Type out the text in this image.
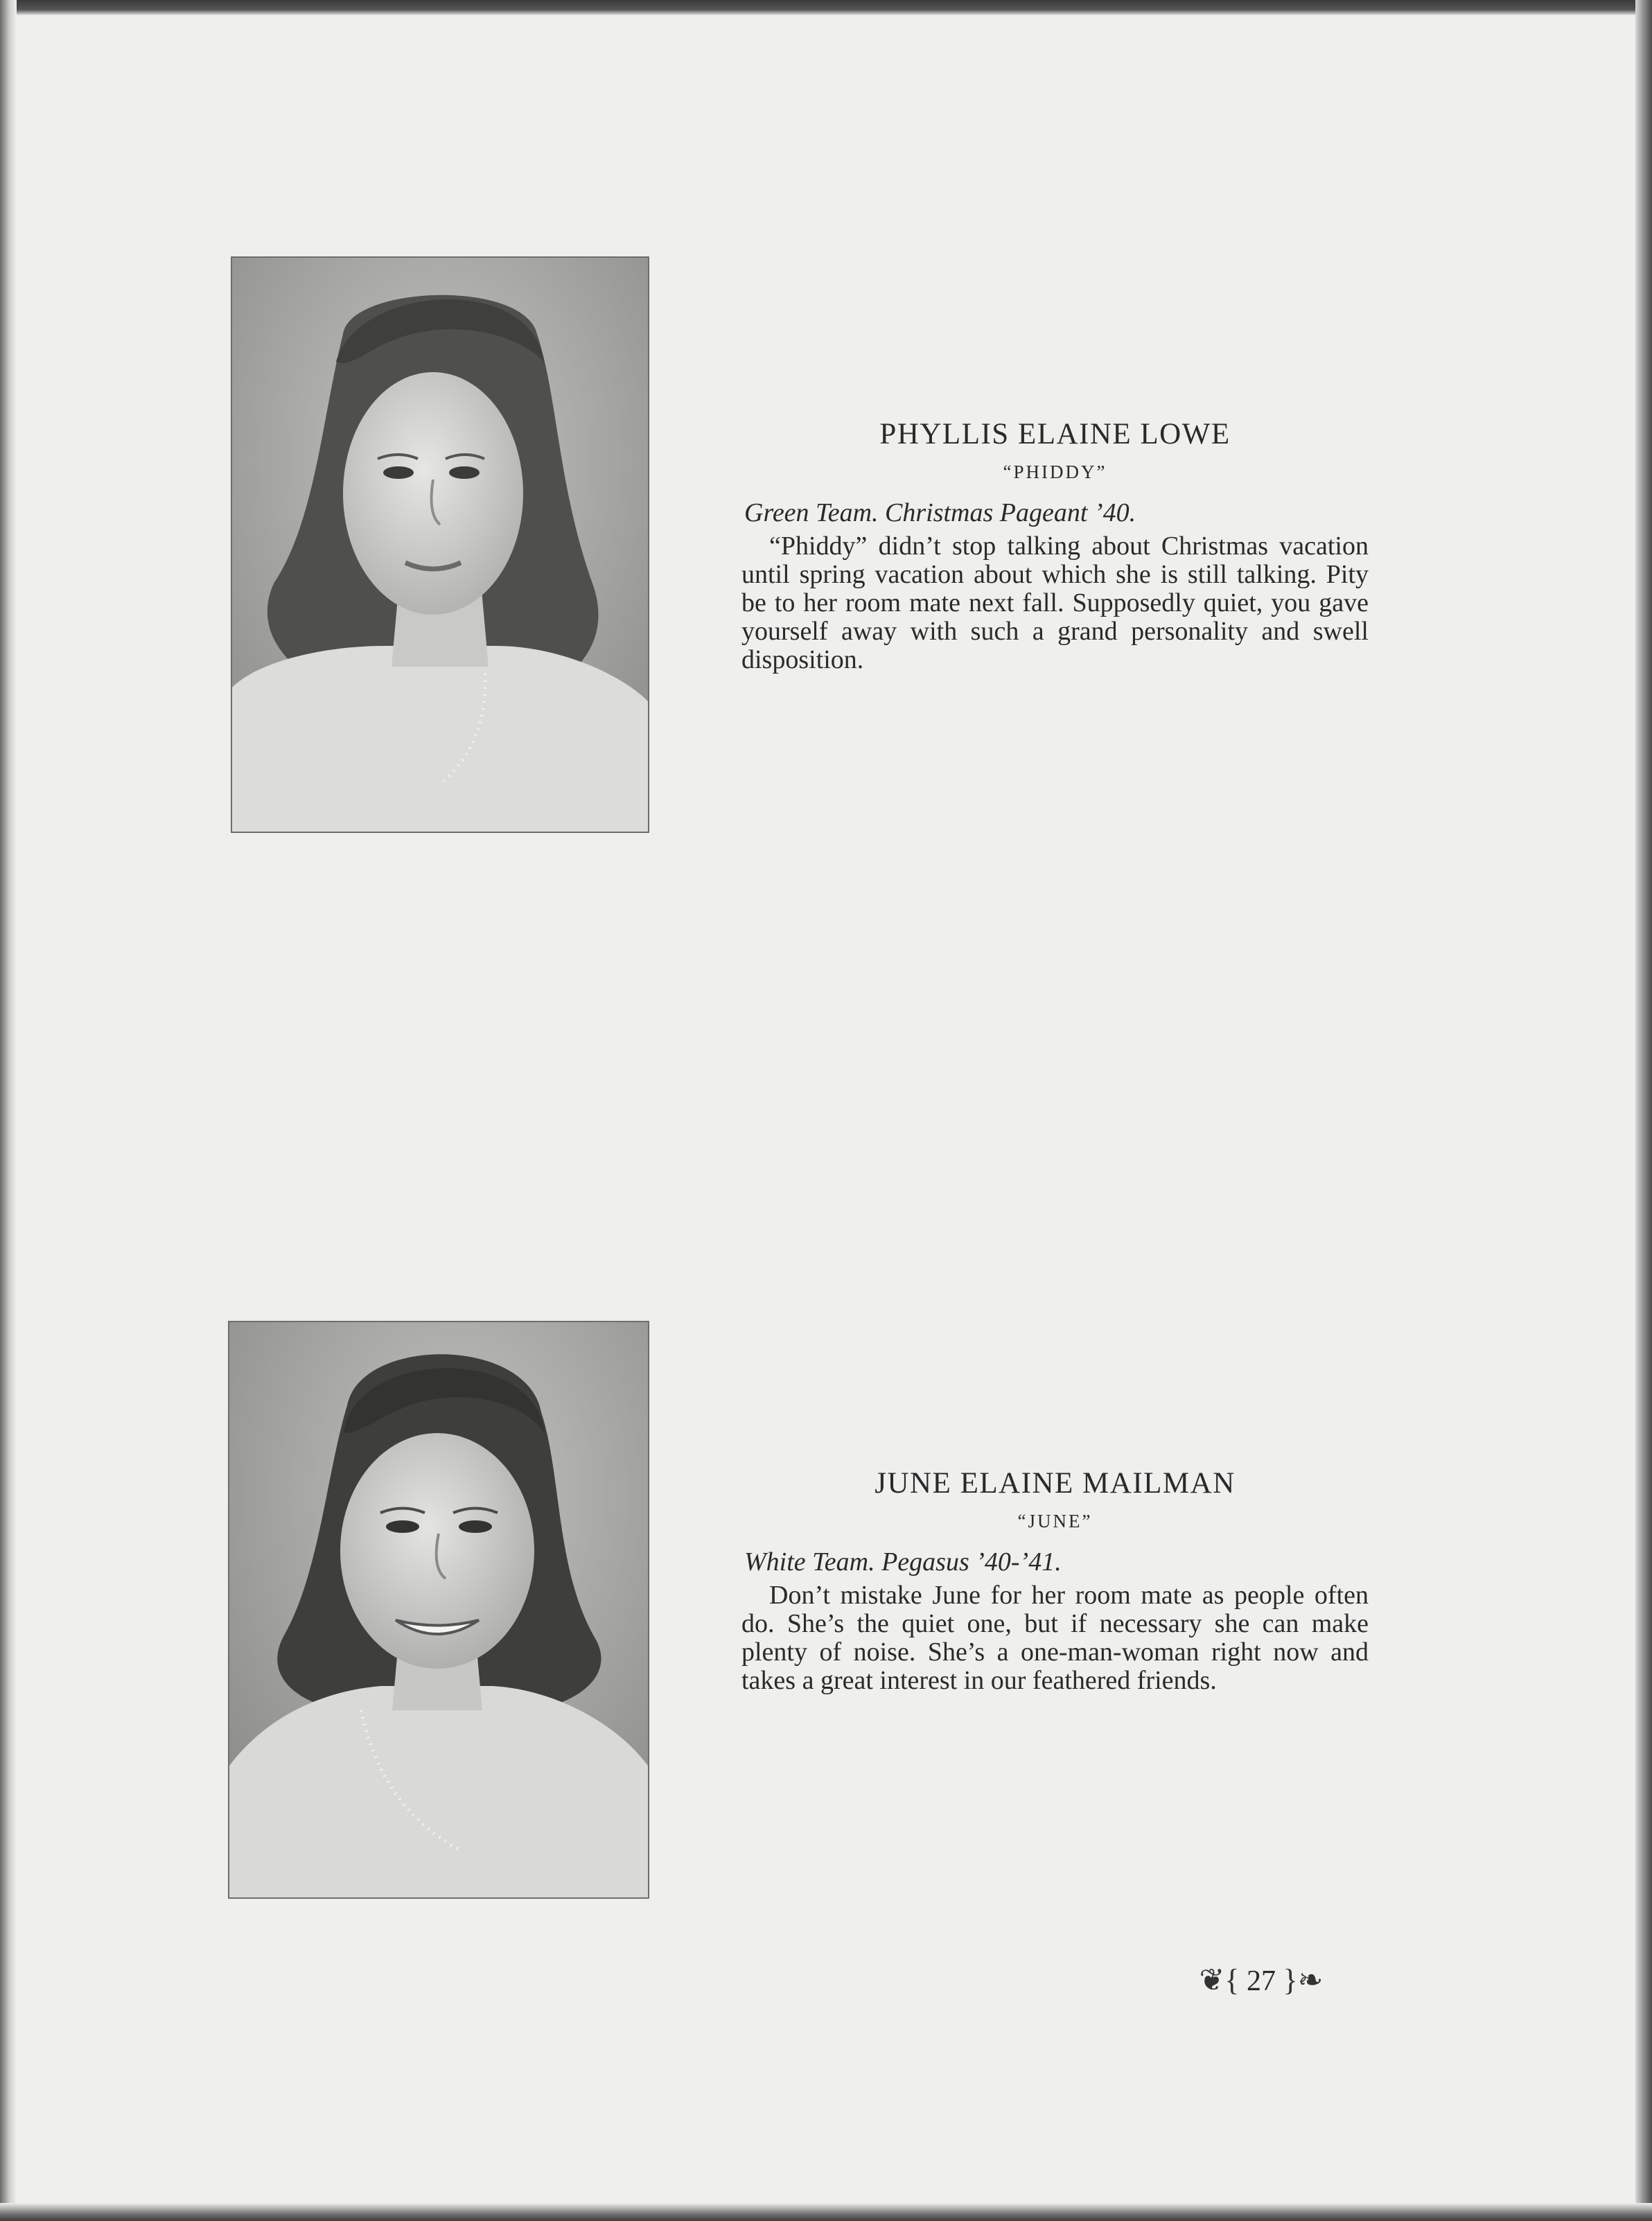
PHYLLIS ELAINE LOWE

“PHIDDY”

Green Team. Christmas Pageant ’40.

“Phiddy” didn’t stop talking about Christmas vacation until spring vacation about which she is still talking. Pity be to her room mate next fall. Supposedly quiet, you gave yourself away with such a grand personality and swell disposition.

JUNE ELAINE MAILMAN

“JUNE”

White Team. Pegasus ’40-’41.

Don’t mistake June for her room mate as people often do. She’s the quiet one, but if necessary she can make plenty of noise. She’s a one-man-woman right now and takes a great interest in our feathered friends.

❦{ 27 }❧
